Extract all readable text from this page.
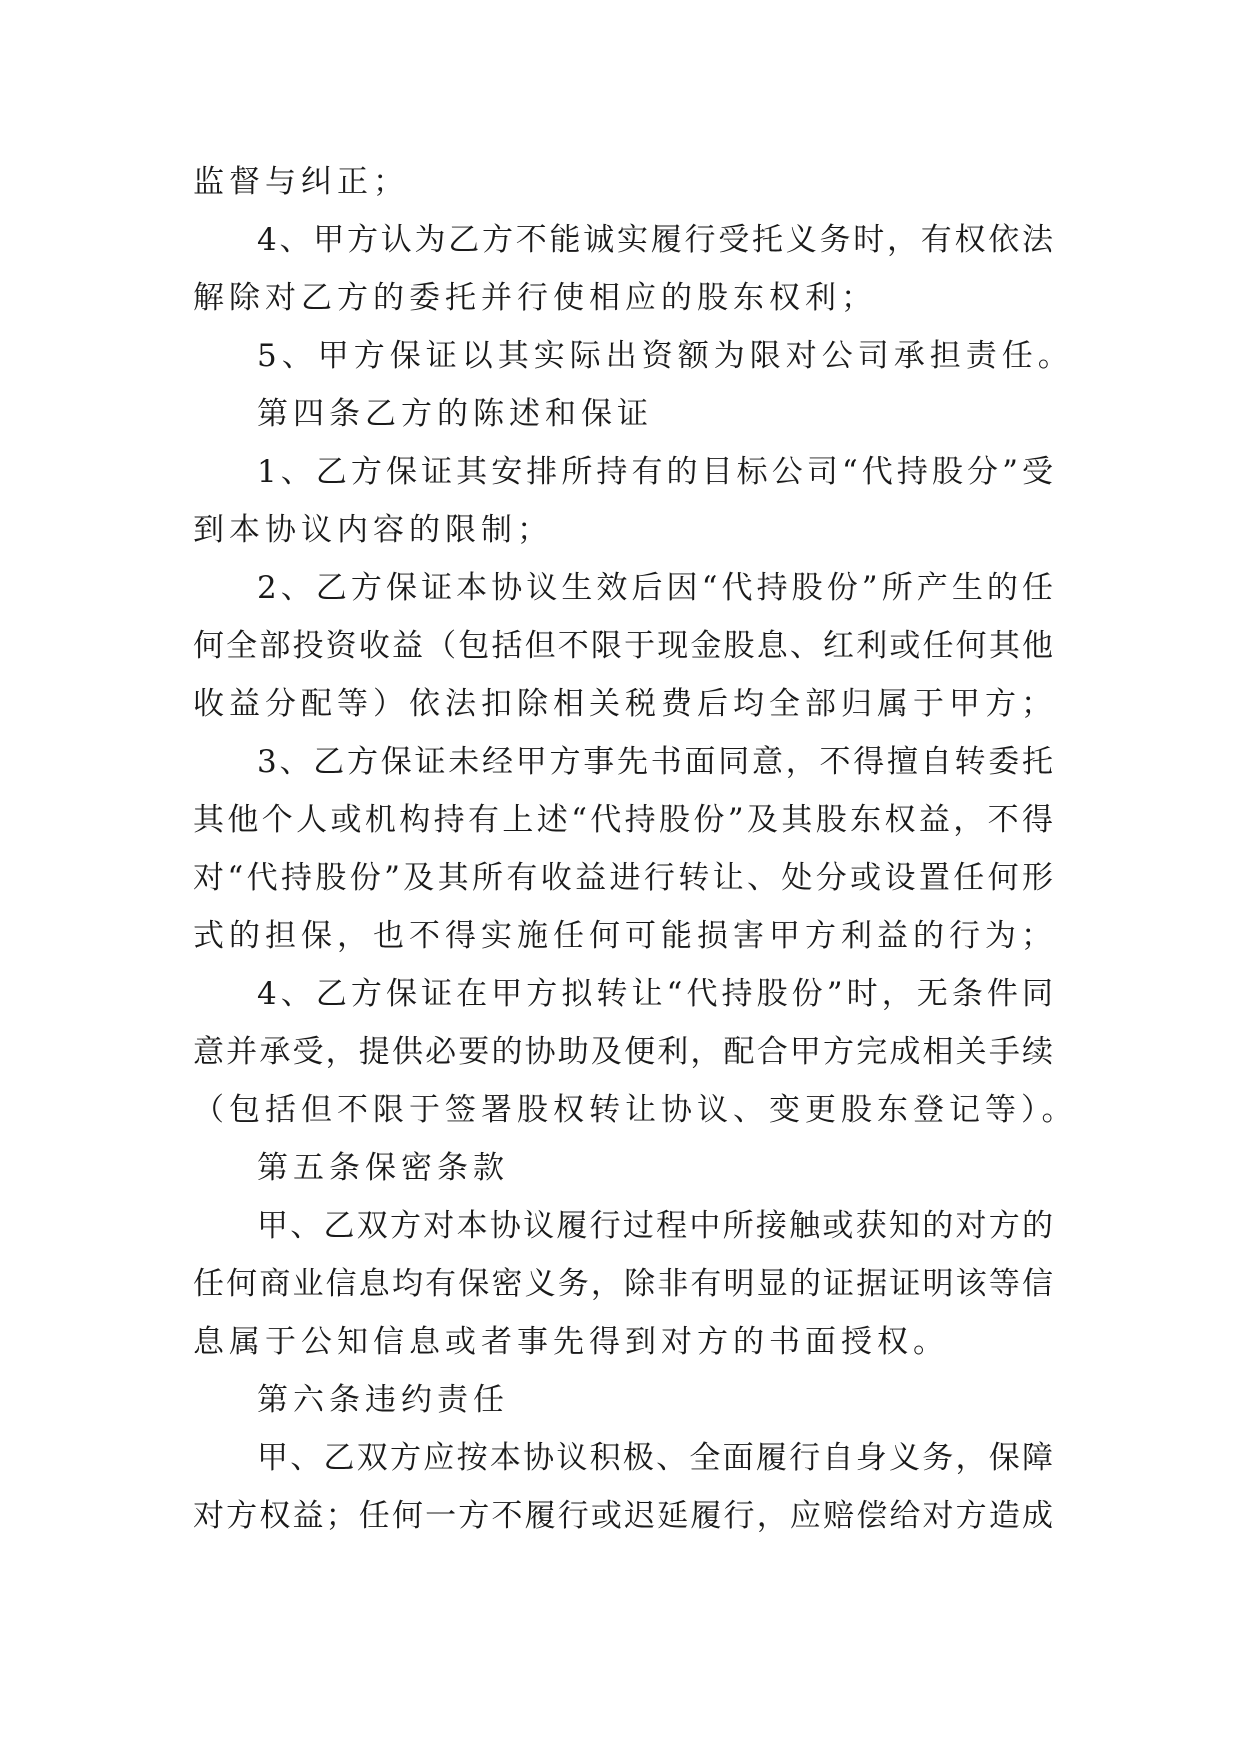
监督与纠正；
4、甲方认为乙方不能诚实履行受托义务时，有权依法
解除对乙方的委托并行使相应的股东权利；
5、甲方保证以其实际出资额为限对公司承担责任。
第四条乙方的陈述和保证
1、乙方保证其安排所持有的目标公司“代持股分”受
到本协议内容的限制；
2、乙方保证本协议生效后因“代持股份”所产生的任
何全部投资收益（包括但不限于现金股息、红利或任何其他
收益分配等）依法扣除相关税费后均全部归属于甲方；
3、乙方保证未经甲方事先书面同意，不得擅自转委托
其他个人或机构持有上述“代持股份”及其股东权益，不得
对“代持股份”及其所有收益进行转让、处分或设置任何形
式的担保，也不得实施任何可能损害甲方利益的行为；
4、乙方保证在甲方拟转让“代持股份”时，无条件同
意并承受，提供必要的协助及便利，配合甲方完成相关手续
（包括但不限于签署股权转让协议、变更股东登记等）。
第五条保密条款
甲、乙双方对本协议履行过程中所接触或获知的对方的
任何商业信息均有保密义务，除非有明显的证据证明该等信
息属于公知信息或者事先得到对方的书面授权。
第六条违约责任
甲、乙双方应按本协议积极、全面履行自身义务，保障
对方权益；任何一方不履行或迟延履行，应赔偿给对方造成
